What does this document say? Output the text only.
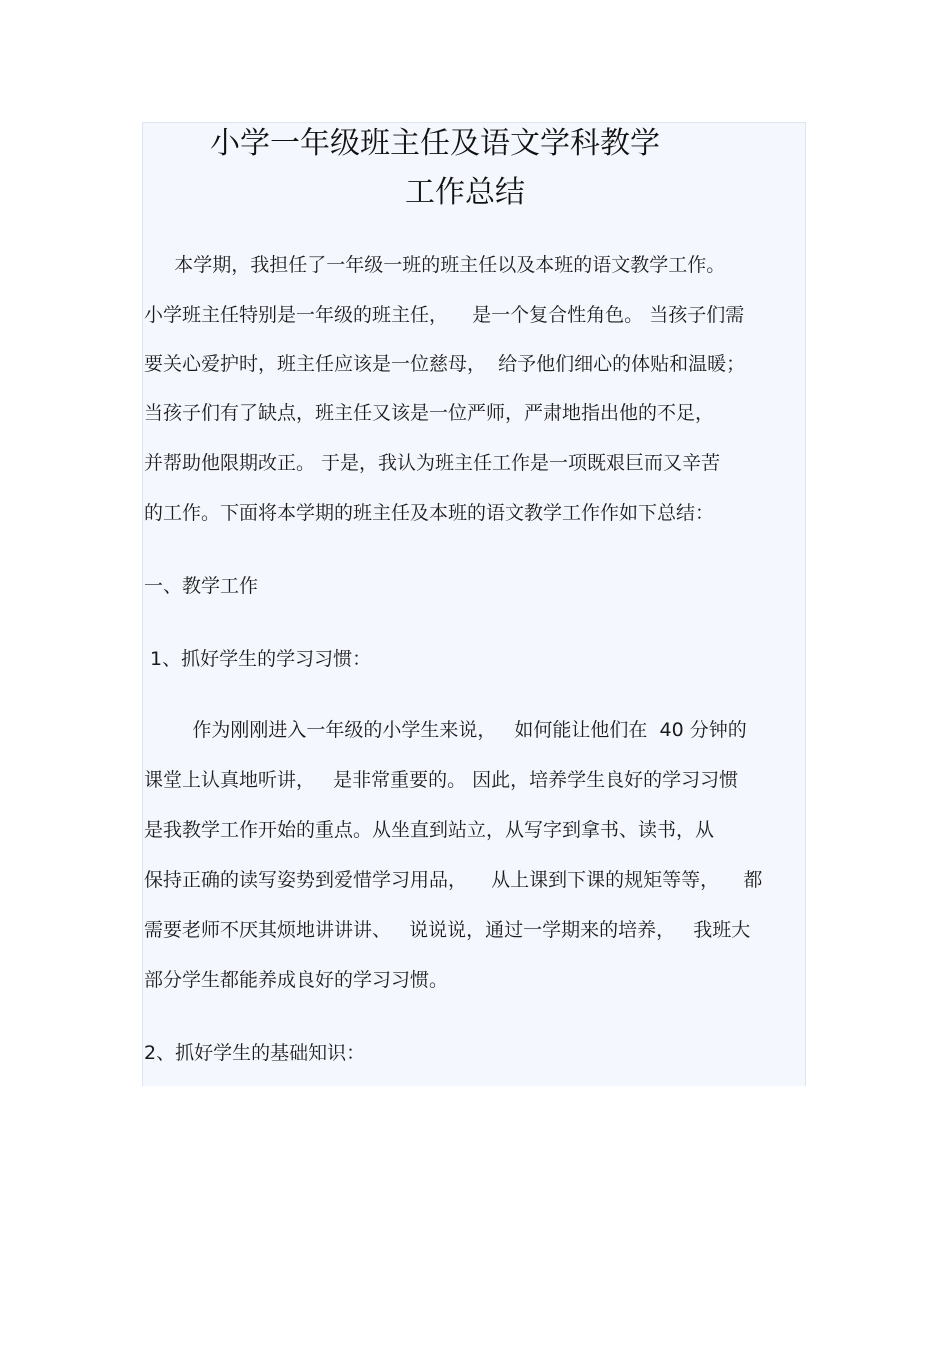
小学一年级班主任及语文学科教学
工作总结
本学期，我担任了一年级一班的班主任以及本班的语文教学工作。
小学班主任特别是一年级的班主任，    是一个复合性角色。 当孩子们需
要关心爱护时，班主任应该是一位慈母，  给予他们细心的体贴和温暖；
当孩子们有了缺点，班主任又该是一位严师，严肃地指出他的不足，
并帮助他限期改正。 于是，我认为班主任工作是一项既艰巨而又辛苦
的工作。下面将本学期的班主任及本班的语文教学工作作如下总结：
一、教学工作
1、抓好学生的学习习惯：
作为刚刚进入一年级的小学生来说，   如何能让他们在  40 分钟的
课堂上认真地听讲，   是非常重要的。 因此，培养学生良好的学习习惯
是我教学工作开始的重点。从坐直到站立，从写字到拿书、读书，从
保持正确的读写姿势到爱惜学习用品，    从上课到下课的规矩等等，    都
需要老师不厌其烦地讲讲讲、   说说说，通过一学期来的培养，   我班大
部分学生都能养成良好的学习习惯。
2、抓好学生的基础知识：
